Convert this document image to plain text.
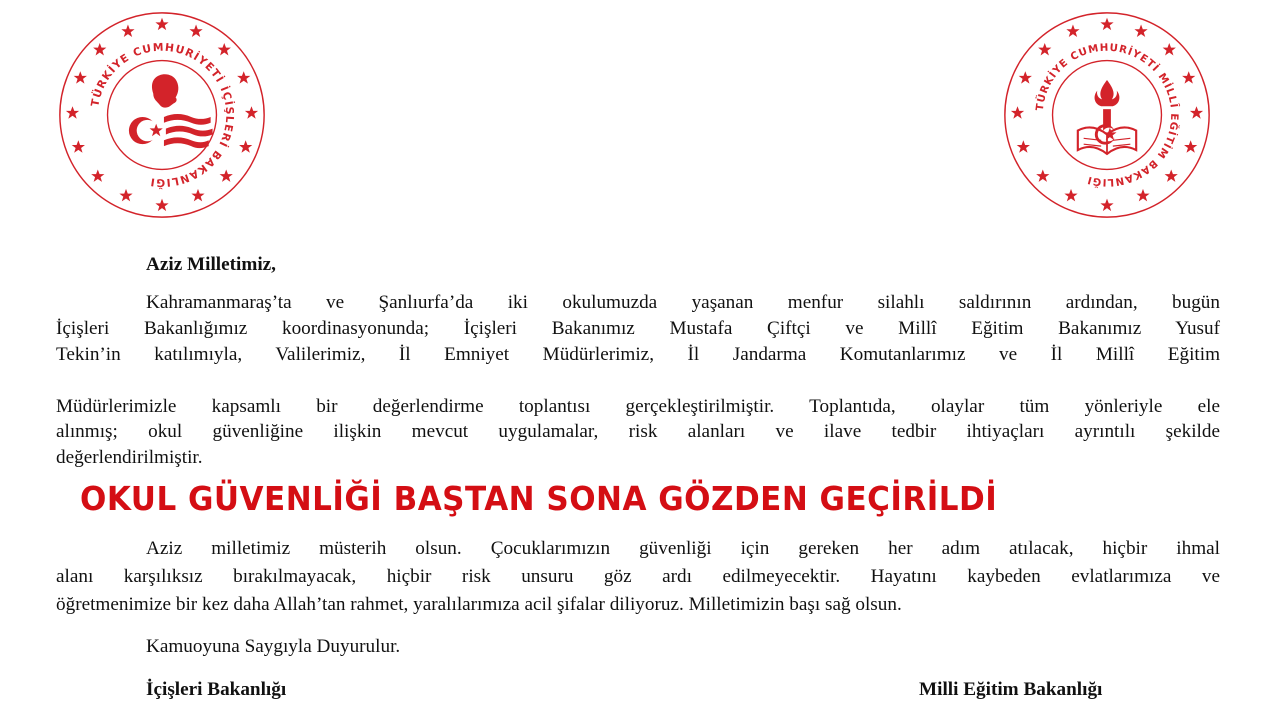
TÜRKİYE CUMHURİYETİ İÇİŞLERİ BAKANLIĞI
TÜRKİYE CUMHURİYETİ MİLLÎ EĞİTİM BAKANLIĞI
Aziz Milletimiz,
Kahramanmaraş’ta ve Şanlıurfa’da iki okulumuzda yaşanan menfur silahlı saldırının ardından, bugün
İçişleri Bakanlığımız koordinasyonunda; İçişleri Bakanımız Mustafa Çiftçi ve Millî Eğitim Bakanımız Yusuf
Tekin’in katılımıyla, Valilerimiz, İl Emniyet Müdürlerimiz, İl Jandarma Komutanlarımız ve İl Millî Eğitim
Müdürlerimizle kapsamlı bir değerlendirme toplantısı gerçekleştirilmiştir. Toplantıda, olaylar tüm yönleriyle ele
alınmış; okul güvenliğine ilişkin mevcut uygulamalar, risk alanları ve ilave tedbir ihtiyaçları ayrıntılı şekilde
değerlendirilmiştir.
OKUL GÜVENLİĞİ BAŞTAN SONA GÖZDEN GEÇİRİLDİ
Aziz milletimiz müsterih olsun. Çocuklarımızın güvenliği için gereken her adım atılacak, hiçbir ihmal
alanı karşılıksız bırakılmayacak, hiçbir risk unsuru göz ardı edilmeyecektir. Hayatını kaybeden evlatlarımıza ve
öğretmenimize bir kez daha Allah’tan rahmet, yaralılarımıza acil şifalar diliyoruz. Milletimizin başı sağ olsun.
Kamuoyuna Saygıyla Duyurulur.
İçişleri Bakanlığı	Milli Eğitim Bakanlığı
